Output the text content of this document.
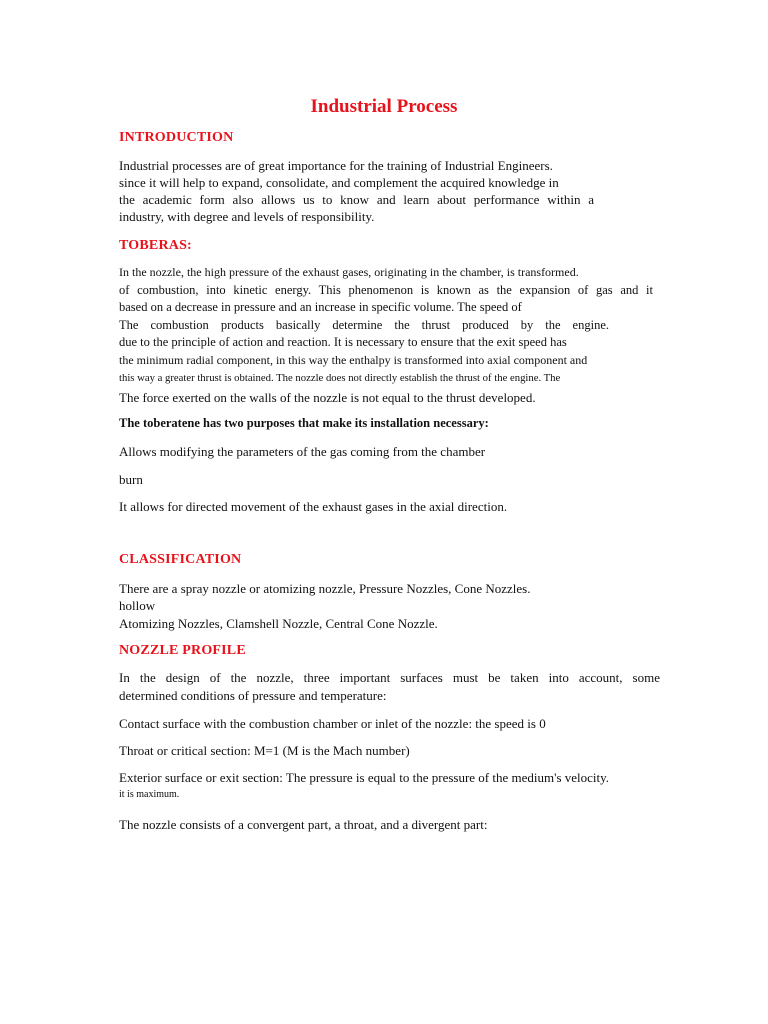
Industrial Process
INTRODUCTION
Industrial processes are of great importance for the training of Industrial Engineers.
since it will help to expand, consolidate, and complement the acquired knowledge in
the academic form also allows us to know and learn about performance within a
industry, with degree and levels of responsibility.
TOBERAS:
In the nozzle, the high pressure of the exhaust gases, originating in the chamber, is transformed.
of combustion, into kinetic energy. This phenomenon is known as the expansion of gas and it
based on a decrease in pressure and an increase in specific volume. The speed of
The combustion products basically determine the thrust produced by the engine.
due to the principle of action and reaction. It is necessary to ensure that the exit speed has
the minimum radial component, in this way the enthalpy is transformed into axial component and
this way a greater thrust is obtained. The nozzle does not directly establish the thrust of the engine. The
The force exerted on the walls of the nozzle is not equal to the thrust developed.
The toberatene has two purposes that make its installation necessary:
Allows modifying the parameters of the gas coming from the chamber
burn
It allows for directed movement of the exhaust gases in the axial direction.
CLASSIFICATION
There are a spray nozzle or atomizing nozzle, Pressure Nozzles, Cone Nozzles.
hollow
Atomizing Nozzles, Clamshell Nozzle, Central Cone Nozzle.
NOZZLE PROFILE
In the design of the nozzle, three important surfaces must be taken into account, some
determined conditions of pressure and temperature:
Contact surface with the combustion chamber or inlet of the nozzle: the speed is 0
Throat or critical section: M=1 (M is the Mach number)
Exterior surface or exit section: The pressure is equal to the pressure of the medium's velocity.
it is maximum.
The nozzle consists of a convergent part, a throat, and a divergent part:
